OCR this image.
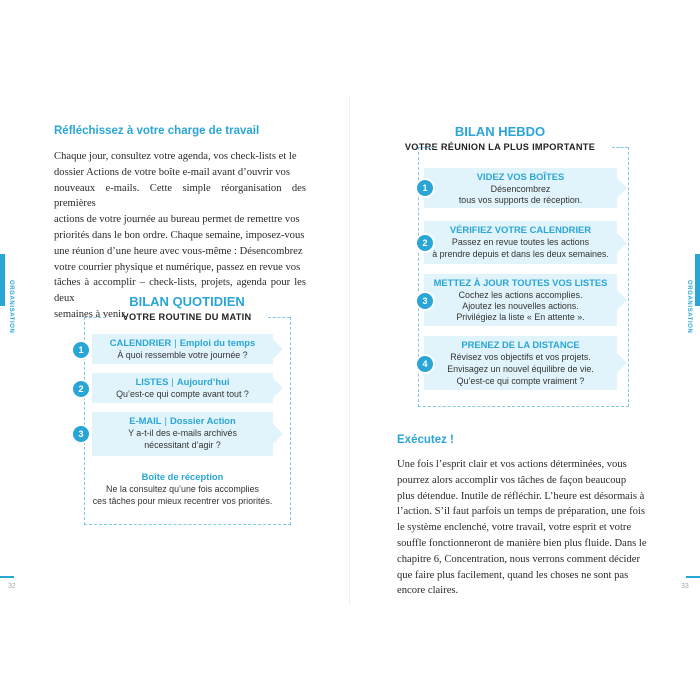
Réfléchissez à votre charge de travail
Chaque jour, consultez votre agenda, vos check-lists et le
dossier Actions de votre boîte e-mail avant d’ouvrir vos
nouveaux e-mails. Cette simple réorganisation des premières
actions de votre journée au bureau permet de remettre vos
priorités dans le bon ordre. Chaque semaine, imposez-vous
une réunion d’une heure avec vous-même : Désencombrez
votre courrier physique et numérique, passez en revue vos
tâches à accomplir – check-lists, projets, agenda pour les deux
semaines à venir.
BILAN QUOTIDIEN
VOTRE ROUTINE DU MATIN
CALENDRIER | Emploi du temps
À quoi ressemble votre journée ?
1
LISTES | Aujourd’hui
Qu’est-ce qui compte avant tout ?
2
E-MAIL | Dossier Action
Y a-t-il des e-mails archivés
nécessitant d’agir ?
3
Boîte de réception
Ne la consultez qu’une fois accomplies
ces tâches pour mieux recentrer vos priorités.
ORGANISATION
32
BILAN HEBDO
VOTRE RÉUNION LA PLUS IMPORTANTE
VIDEZ VOS BOÎTES
Désencombrez
tous vos supports de réception.
1
VÉRIFIEZ VOTRE CALENDRIER
Passez en revue toutes les actions
à prendre depuis et dans les deux semaines.
2
METTEZ À JOUR TOUTES VOS LISTES
Cochez les actions accomplies.
Ajoutez les nouvelles actions.
Privilégiez la liste « En attente ».
3
PRENEZ DE LA DISTANCE
Révisez vos objectifs et vos projets.
Envisagez un nouvel équilibre de vie.
Qu’est-ce qui compte vraiment ?
4
Exécutez !
Une fois l’esprit clair et vos actions déterminées, vous
pourrez alors accomplir vos tâches de façon beaucoup
plus détendue. Inutile de réfléchir. L’heure est désormais à
l’action. S’il faut parfois un temps de préparation, une fois
le système enclenché, votre travail, votre esprit et votre
souffle fonctionneront de manière bien plus fluide. Dans le
chapitre 6, Concentration, nous verrons comment décider
que faire plus facilement, quand les choses ne sont pas
encore claires.
ORGANISATION
33
